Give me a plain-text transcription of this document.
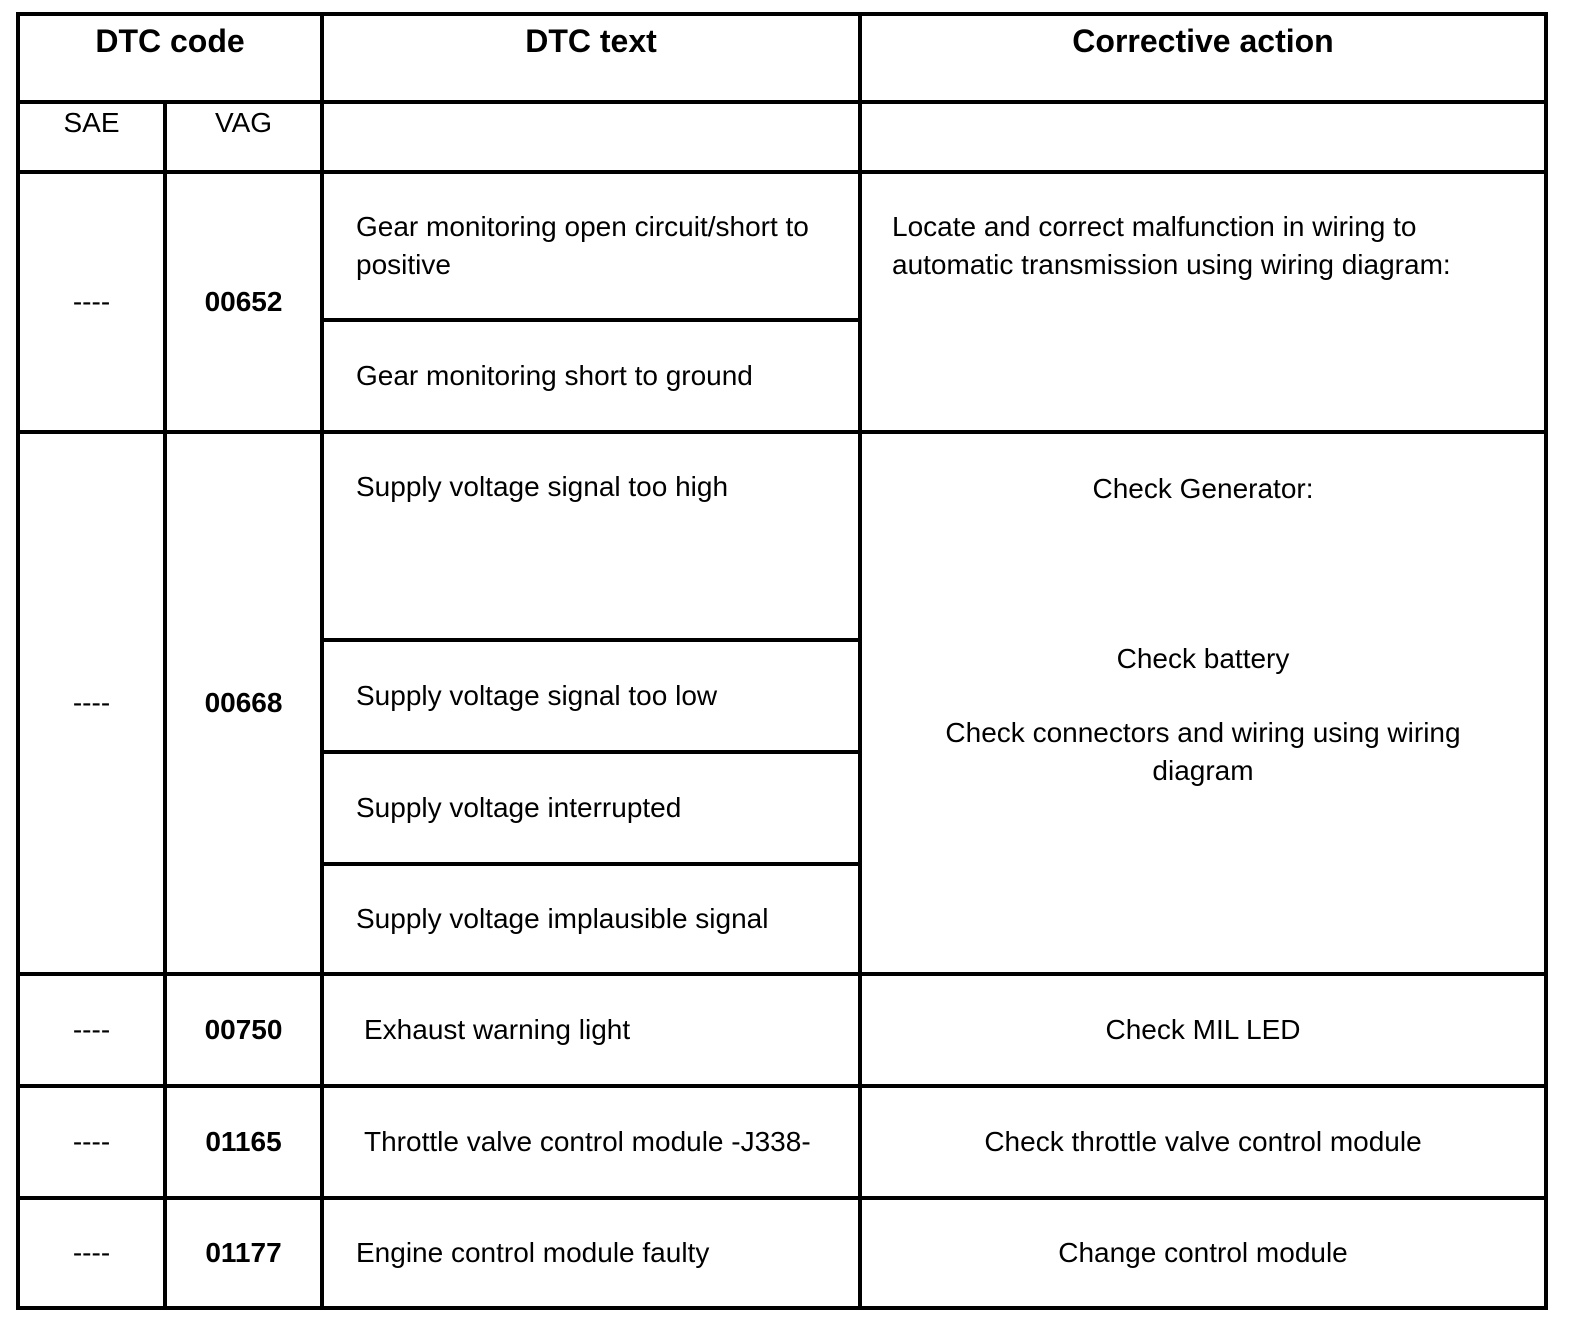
DTC code		DTC text	Corrective action
SAE	VAG		
----	00652	Gear monitoring open circuit/short to positive	Locate and correct malfunction in wiring to automatic transmission using wiring diagram:
		Gear monitoring short to ground	
----	00668	Supply voltage signal too high	Check Generator:
Check battery
Check connectors and wiring using wiring diagram

		Supply voltage signal too low	
		Supply voltage interrupted	
		Supply voltage implausible signal	
----	00750	Exhaust warning light	Check MIL LED
----	01165	Throttle valve control module -J338-	Check throttle valve control module
----	01177	Engine control module faulty	Change control module
